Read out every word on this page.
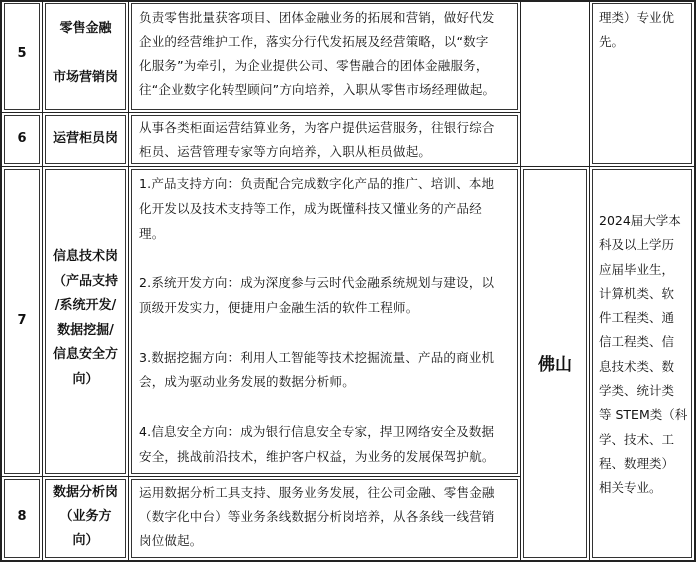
5
零售金融
市场营销岗

负责零售批量获客项目、团体金融业务的拓展和营销，做好代发

企业的经营维护工作，落实分行代发拓展及经营策略，以“数字

化服务”为牵引，为企业提供公司、零售融合的团体金融服务，

往“企业数字化转型顾问”方向培养，入职从零售市场经理做起。

理类）专业优
先。
6	运营柜员岗

从事各类柜面运营结算业务，为客户提供运营服务，往银行综合

柜员、运营管理专家等方向培养，入职从柜员做起。

7
信息技术岗
（产品支持
/系统开发/
数据挖掘/
信息安全方
向）

1.产品支持方向：负责配合完成数字化产品的推广、培训、本地

化开发以及技术支持等工作，成为既懂科技又懂业务的产品经

理。

2.系统开发方向：成为深度参与云时代金融系统规划与建设，以

顶级开发实力，便捷用户金融生活的软件工程师。

3.数据挖掘方向：利用人工智能等技术挖掘流量、产品的商业机

会，成为驱动业务发展的数据分析师。

4.信息安全方向：成为银行信息安全专家，捍卫网络安全及数据

安全，挑战前沿技术，维护客户权益，为业务的发展保驾护航。

佛山
2024届大学本
科及以上学历
应届毕业生，
计算机类、软
件工程类、通
信工程类、信
息技术类、数
学类、统计类
等 STEM类（科
学、技术、工
程、数理类）
相关专业。
8
数据分析岗
（业务方
向）

运用数据分析工具支持、服务业务发展，往公司金融、零售金融

（数字化中台）等业务条线数据分析岗培养，从各条线一线营销

岗位做起。
